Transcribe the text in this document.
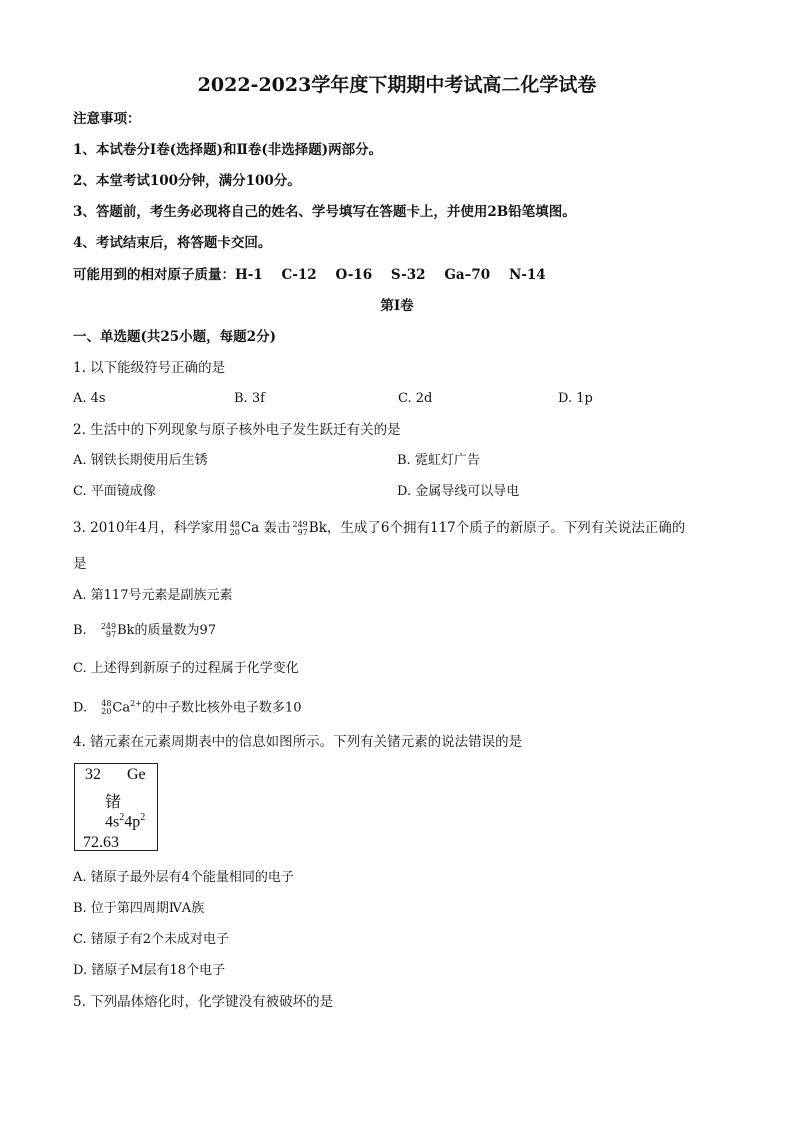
2022-2023学年度下期期中考试高二化学试卷
注意事项：
1、本试卷分Ⅰ卷(选择题)和Ⅱ卷(非选择题)两部分。
2、本堂考试100分钟，满分100分。
3、答题前，考生务必现将自己的姓名、学号填写在答题卡上，并使用2B铅笔填图。
4、考试结束后，将答题卡交回。
可能用到的相对原子质量：H-1    C-12    O-16    S-32    Ga–70    N-14
第Ⅰ卷
一、单选题(共25小题，每题2分)
1. 以下能级符号正确的是
A. 4s	B. 3f	C. 2d	D. 1p
2. 生活中的下列现象与原子核外电子发生跃迁有关的是
A. 钢铁长期使用后生锈	B. 霓虹灯广告
C. 平面镜成像	D. 金属导线可以导电
3. 2010年4月，科学家用 48
20 Ca 轰击 249
97 Bk，生成了6个拥有117个质子的新原子。下列有关说法正确的
是
A. 第117号元素是副族元素
B. 249
97 Bk的质量数为97
C. 上述得到新原子的过程属于化学变化
D. 48
20 $Ca^{2+}$的中子数比核外电子数多10
4. 锗元素在元素周期表中的信息如图所示。下列有关锗元素的说法错误的是
32 Ge
锗
$4s^24p^2$
72.63
A. 锗原子最外层有4个能量相同的电子
B. 位于第四周期ⅣA族
C. 锗原子有2个未成对电子
D. 锗原子M层有18个电子
5. 下列晶体熔化时，化学键没有被破坏的是
